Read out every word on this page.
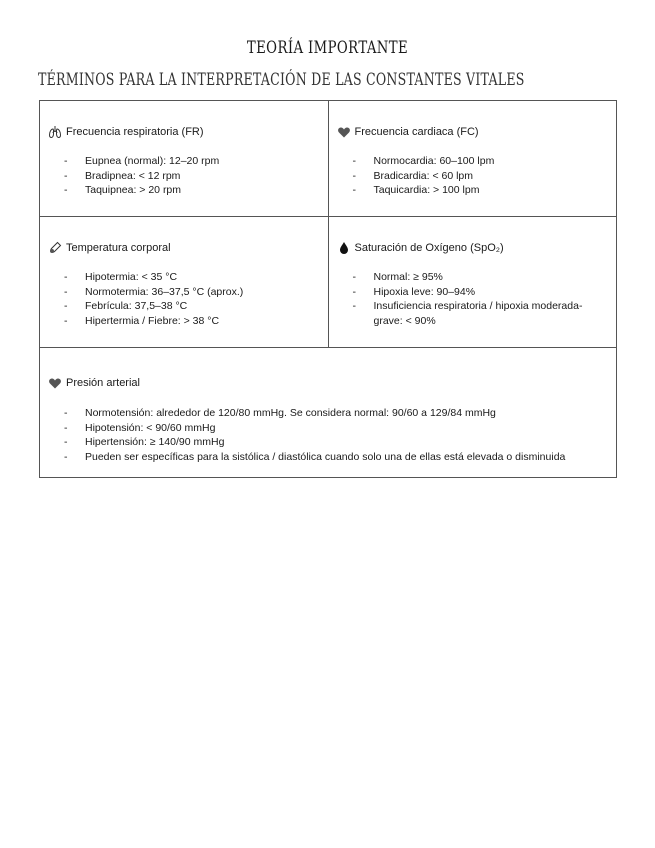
TEORÍA IMPORTANTE
TÉRMINOS PARA LA INTERPRETACIÓN DE LAS CONSTANTES VITALES
Frecuencia respiratoria (FR)
- Eupnea (normal): 12–20 rpm
- Bradipnea: < 12 rpm
- Taquipnea: > 20 rpm
Frecuencia cardiaca (FC)
- Normocardia: 60–100 lpm
- Bradicardia: < 60 lpm
- Taquicardia: > 100 lpm
Temperatura corporal
- Hipotermia: < 35 °C
- Normotermia: 36–37,5 °C (aprox.)
- Febrícula: 37,5–38 °C
- Hipertermia / Fiebre: > 38 °C
Saturación de Oxígeno (SpO₂)
- Normal: ≥ 95%
- Hipoxia leve: 90–94%
- Insuficiencia respiratoria / hipoxia moderada-grave: < 90%
Presión arterial
- Normotensión: alrededor de 120/80 mmHg. Se considera normal: 90/60 a 129/84 mmHg
- Hipotensión: < 90/60 mmHg
- Hipertensión: ≥ 140/90 mmHg
- Pueden ser específicas para la sistólica / diastólica cuando solo una de ellas está elevada o disminuida
